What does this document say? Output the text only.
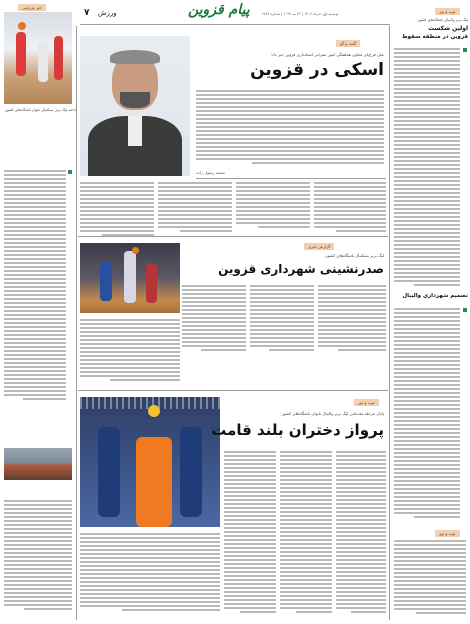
۷ ورزش	پیام قزوین	دوشنبه اول خرداد ۱۴۰۲ | ۲۲ مه ۲۰۲۳ | شماره ۲۸۴۶
خبر ورزشی
ادامه لیگ برتر بسکتبال بانوان باشگاه‌های کشور:
گفت و گو
علی فرخ‌پای معاون هماهنگی امور عمرانی استانداری قزوین خبر داد:
اسکی در قزوین
محمد رسول زاده
گزارش خبری
لیگ برتر بسکتبال باشگاه‌های کشور:
صدرنشینی شهرداری قزوین
توپ و تور
پایان مرحله مقدماتی لیگ برتر والیبال بانوان باشگاه‌های کشور:
پرواز دختران بلند قامت
توپ و تور
لیگ برتر والیبال باشگاه‌های کشور:
اولین شکست
قزوین در منطقه سقوط
تصمیم شهرداری والیبال
توپ و تور
